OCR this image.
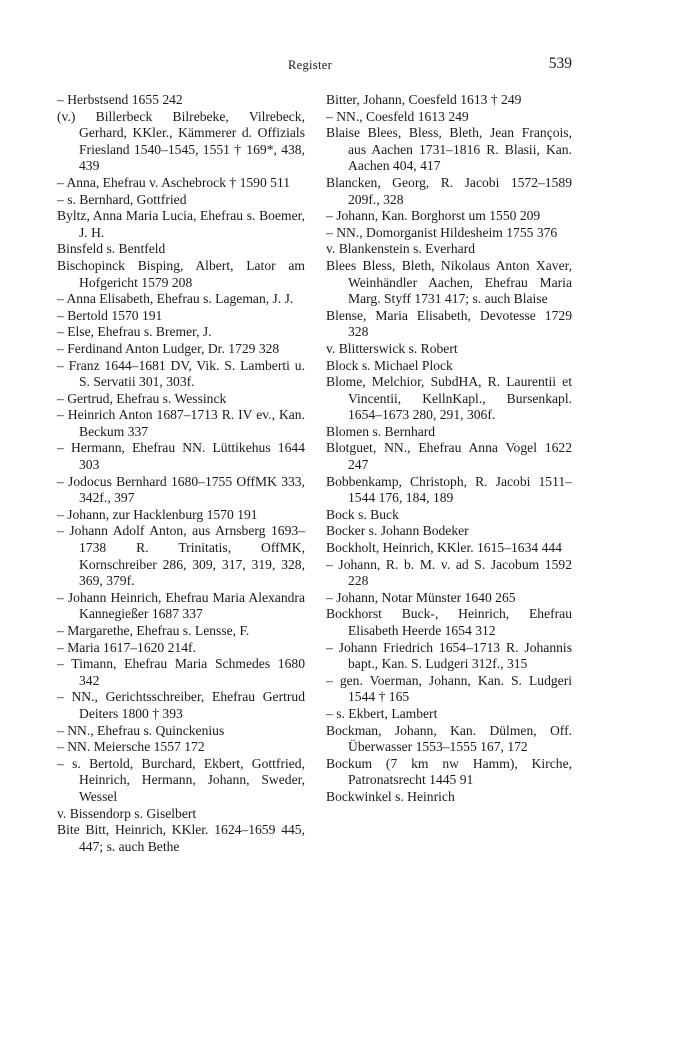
Register	539
– Herbstsend 1655 242
(v.) Billerbeck Bilrebeke, Vilrebeck, Gerhard, KKler., Kämmerer d. Offizials Friesland 1540–1545, 1551 † 169*, 438, 439
– Anna, Ehefrau v. Aschebrock † 1590 511
– s. Bernhard, Gottfried
Byltz, Anna Maria Lucia, Ehefrau s. Boemer, J. H.
Binsfeld s. Bentfeld
Bischopinck Bisping, Albert, Lator am Hofgericht 1579 208
– Anna Elisabeth, Ehefrau s. Lageman, J. J.
– Bertold 1570 191
– Else, Ehefrau s. Bremer, J.
– Ferdinand Anton Ludger, Dr. 1729 328
– Franz 1644–1681 DV, Vik. S. Lamberti u. S. Servatii 301, 303f.
– Gertrud, Ehefrau s. Wessinck
– Heinrich Anton 1687–1713 R. IV ev., Kan. Beckum 337
– Hermann, Ehefrau NN. Lüttikehus 1644 303
– Jodocus Bernhard 1680–1755 OffMK 333, 342f., 397
– Johann, zur Hacklenburg 1570 191
– Johann Adolf Anton, aus Arnsberg 1693–1738 R. Trinitatis, OffMK, Kornschreiber 286, 309, 317, 319, 328, 369, 379f.
– Johann Heinrich, Ehefrau Maria Alexandra Kannegießer 1687 337
– Margarethe, Ehefrau s. Lensse, F.
– Maria 1617–1620 214f.
– Timann, Ehefrau Maria Schmedes 1680 342
– NN., Gerichtsschreiber, Ehefrau Gertrud Deiters 1800 † 393
– NN., Ehefrau s. Quinckenius
– NN. Meiersche 1557 172
– s. Bertold, Burchard, Ekbert, Gottfried, Heinrich, Hermann, Johann, Sweder, Wessel
v. Bissendorp s. Giselbert
Bite Bitt, Heinrich, KKler. 1624–1659 445, 447; s. auch Bethe
Bitter, Johann, Coesfeld 1613 † 249
– NN., Coesfeld 1613 249
Blaise Blees, Bless, Bleth, Jean François, aus Aachen 1731–1816 R. Blasii, Kan. Aachen 404, 417
Blancken, Georg, R. Jacobi 1572–1589 209f., 328
– Johann, Kan. Borghorst um 1550 209
– NN., Domorganist Hildesheim 1755 376
v. Blankenstein s. Everhard
Blees Bless, Bleth, Nikolaus Anton Xaver, Weinhändler Aachen, Ehefrau Maria Marg. Styff 1731 417; s. auch Blaise
Blense, Maria Elisabeth, Devotesse 1729 328
v. Blitterswick s. Robert
Block s. Michael Plock
Blome, Melchior, SubdHA, R. Laurentii et Vincentii, KellnKapl., Bursenkapl. 1654–1673 280, 291, 306f.
Blomen s. Bernhard
Blotguet, NN., Ehefrau Anna Vogel 1622 247
Bobbenkamp, Christoph, R. Jacobi 1511–1544 176, 184, 189
Bock s. Buck
Bocker s. Johann Bodeker
Bockholt, Heinrich, KKler. 1615–1634 444
– Johann, R. b. M. v. ad S. Jacobum 1592 228
– Johann, Notar Münster 1640 265
Bockhorst Buck-, Heinrich, Ehefrau Elisabeth Heerde 1654 312
– Johann Friedrich 1654–1713 R. Johannis bapt., Kan. S. Ludgeri 312f., 315
– gen. Voerman, Johann, Kan. S. Ludgeri 1544 † 165
– s. Ekbert, Lambert
Bockman, Johann, Kan. Dülmen, Off. Überwasser 1553–1555 167, 172
Bockum (7 km nw Hamm), Kirche, Patronatsrecht 1445 91
Bockwinkel s. Heinrich
